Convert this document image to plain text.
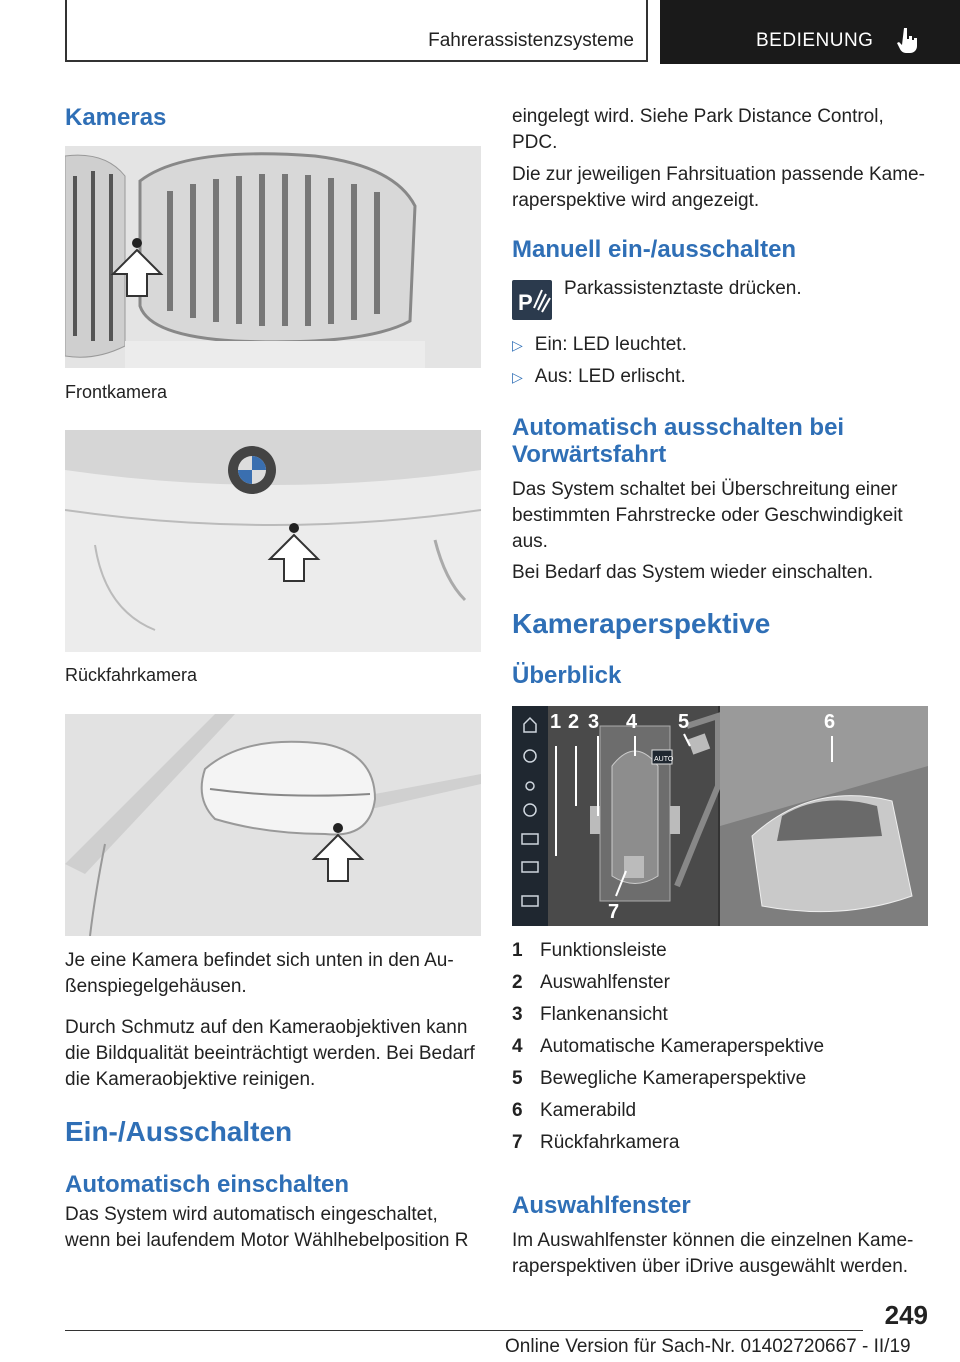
Fahrerassistenzsysteme	BEDIENUNG
Kameras
Frontkamera
Rückfahrkamera

Je eine Kamera befindet sich unten in den Außenspiegelgehäusen.

Durch Schmutz auf den Kameraobjektiven kann die Bildqualität beeinträchtigt werden. Bei Bedarf die Kameraobjektive reinigen.

Ein-/Ausschalten
Automatisch einschalten

Das System wird automatisch eingeschaltet, wenn bei laufendem Motor Wählhebelposition R

eingelegt wird. Siehe Park Distance Control, PDC.

Die zur jeweiligen Fahrsituation passende Kameraperspektive wird angezeigt.

Manuell ein-/ausschalten
P
Parkassistenztaste drücken.
▷ Ein: LED leuchtet.
▷ Aus: LED erlischt.
Automatisch ausschalten bei Vorwärtsfahrt

Das System schaltet bei Überschreitung einer bestimmten Fahrstrecke oder Geschwindigkeit aus.

Bei Bedarf das System wieder einschalten.

Kameraperspektive
Überblick
AUTO
1 2 3 4 5	6
7
1 Funktionsleiste
2 Auswahlfenster
3 Flankenansicht
4 Automatische Kameraperspektive
5 Bewegliche Kameraperspektive
6 Kamerabild
7 Rückfahrkamera
Auswahlfenster

Im Auswahlfenster können die einzelnen Kameraperspektiven über iDrive ausgewählt werden.

249
Online Version für Sach-Nr. 01402720667 - II/19
